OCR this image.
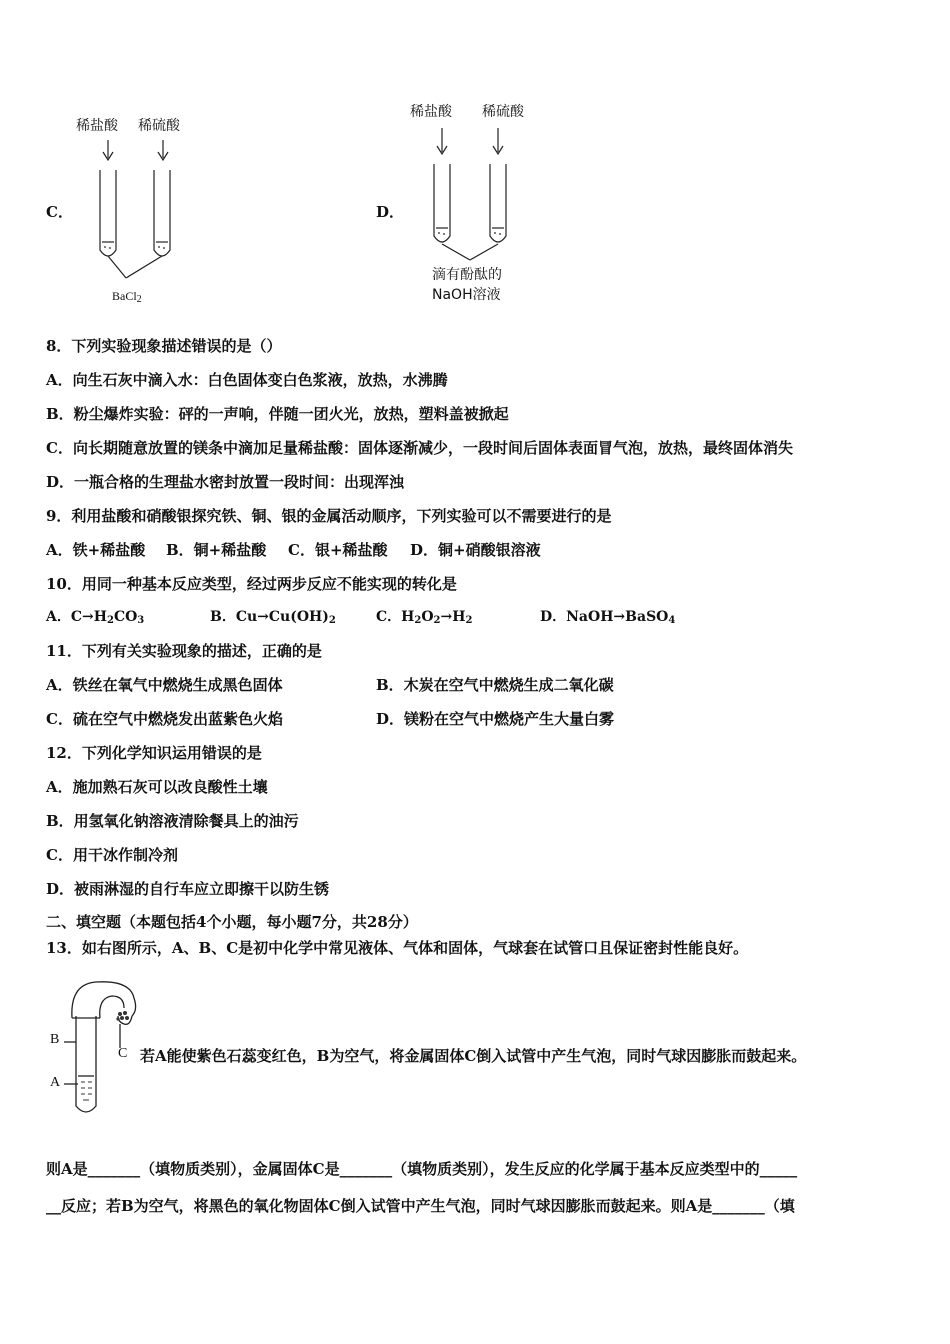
C．
稀盐酸 稀硫酸
BaCl$_2$
D．
稀盐酸 稀硫酸
滴有酚酞的
NaOH溶液
8．下列实验现象描述错误的是（）
A．向生石灰中滴入水：白色固体变白色浆液，放热，水沸腾
B．粉尘爆炸实验：砰的一声响，伴随一团火光，放热，塑料盖被掀起
C．向长期随意放置的镁条中滴加足量稀盐酸：固体逐渐减少，一段时间后固体表面冒气泡，放热，最终固体消失
D．一瓶合格的生理盐水密封放置一段时间：出现浑浊
9．利用盐酸和硝酸银探究铁、铜、银的金属活动顺序，下列实验可以不需要进行的是
A．铁+稀盐酸 B．铜+稀盐酸 C．银+稀盐酸 D．铜+硝酸银溶液
10．用同一种基本反应类型，经过两步反应不能实现的转化是
A．$C\to H_2CO_3$	B．$Cu\to Cu(OH)_2$	C．$H_2O_2\to H_2$	D．NaOH→BaSO$_4$
11．下列有关实验现象的描述，正确的是
A．铁丝在氧气中燃烧生成黑色固体	B．木炭在空气中燃烧生成二氧化碳
C．硫在空气中燃烧发出蓝紫色火焰	D．镁粉在空气中燃烧产生大量白雾
12．下列化学知识运用错误的是
A．施加熟石灰可以改良酸性土壤
B．用氢氧化钠溶液清除餐具上的油污
C．用干冰作制冷剂
D．被雨淋湿的自行车应立即擦干以防生锈
二、填空题（本题包括4个小题，每小题7分，共28分）
13．如右图所示，A、B、C是初中化学中常见液体、气体和固体，气球套在试管口且保证密封性能良好。
B
A
C 若A能使紫色石蕊变红色，B为空气，将金属固体C倒入试管中产生气泡，同时气球因膨胀而鼓起来。
则A是_______（填物质类别），金属固体C是_______（填物质类别），发生反应的化学属于基本反应类型中的_____
__反应；若B为空气，将黑色的氧化物固体C倒入试管中产生气泡，同时气球因膨胀而鼓起来。则A是_______（填
